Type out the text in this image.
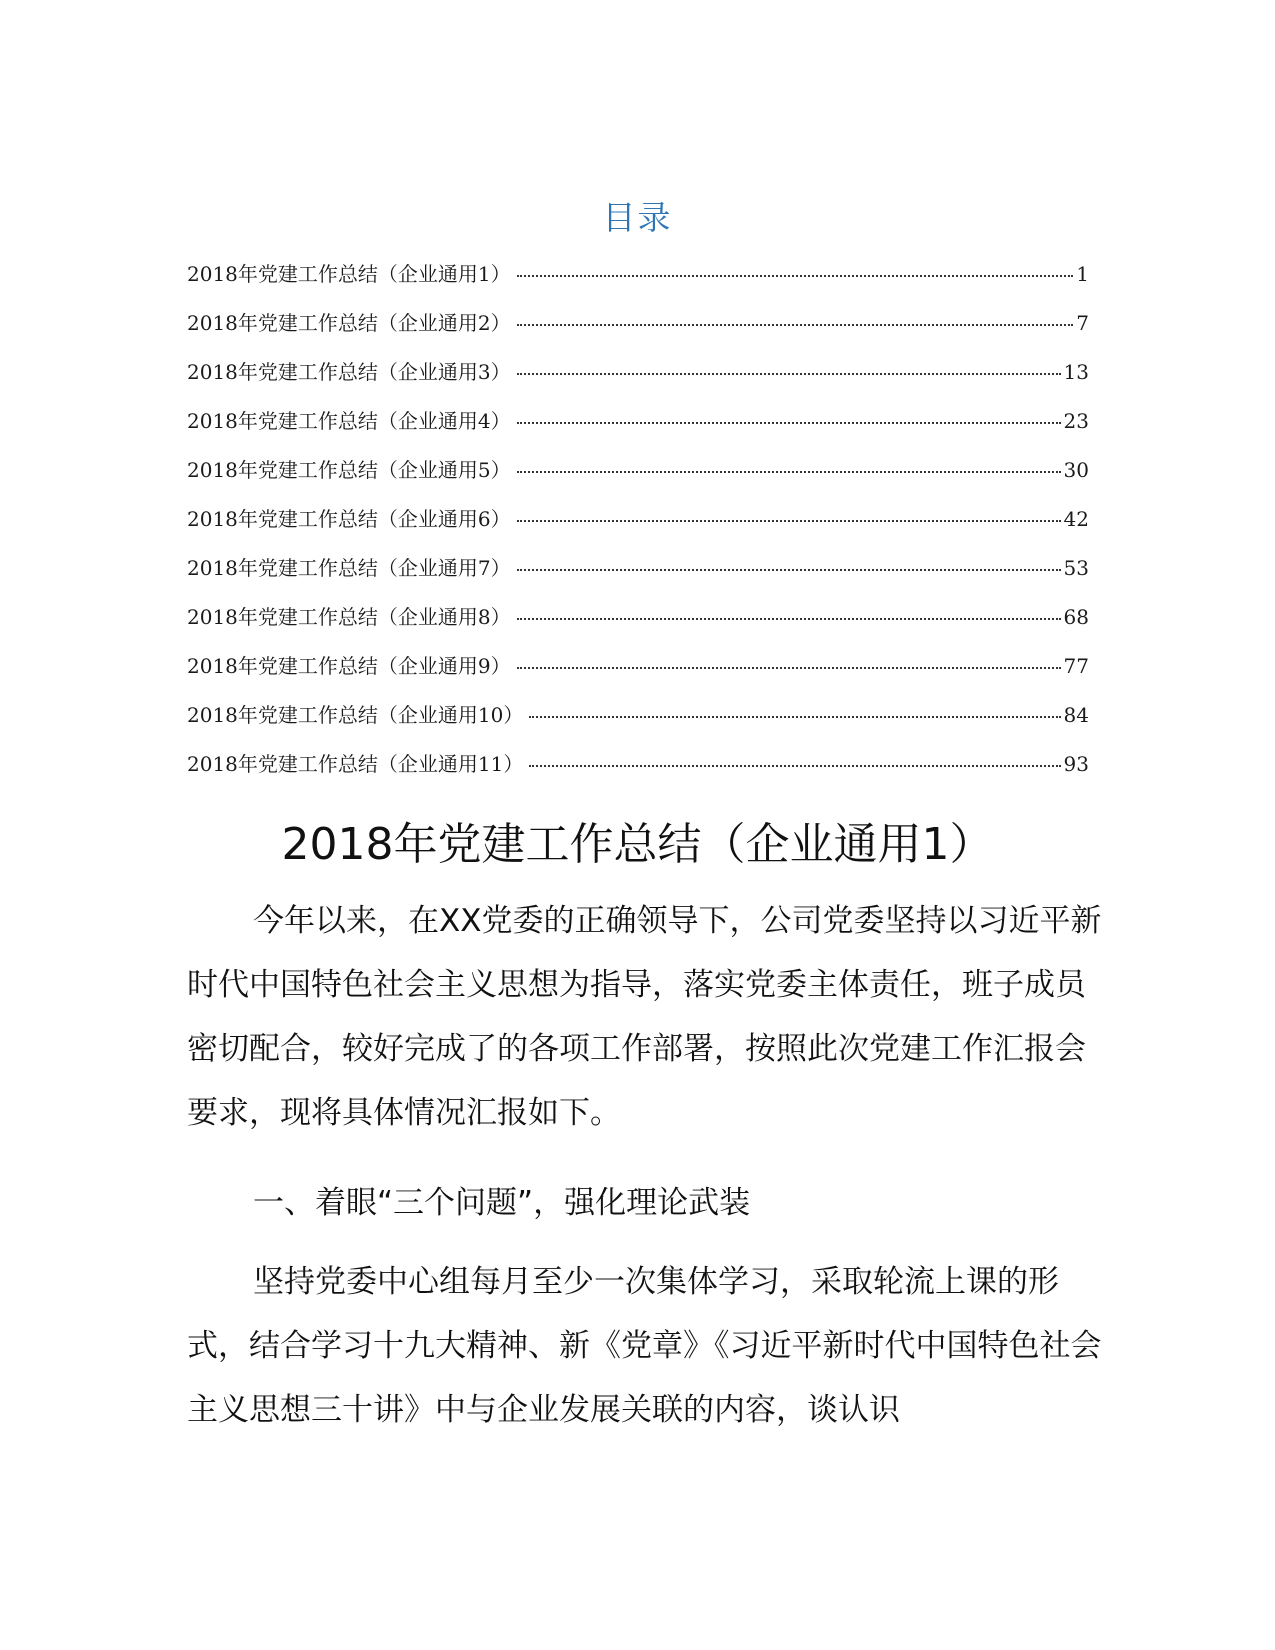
目录
2018年党建工作总结（企业通用1）	1
2018年党建工作总结（企业通用2）	7
2018年党建工作总结（企业通用3）	13
2018年党建工作总结（企业通用4）	23
2018年党建工作总结（企业通用5）	30
2018年党建工作总结（企业通用6）	42
2018年党建工作总结（企业通用7）	53
2018年党建工作总结（企业通用8）	68
2018年党建工作总结（企业通用9）	77
2018年党建工作总结（企业通用10）	84
2018年党建工作总结（企业通用11）	93
2018年党建工作总结（企业通用1）

今年以来，在XX党委的正确领导下，公司党委坚持以习近平新时代中国特色社会主义思想为指导，落实党委主体责任，班子成员密切配合，较好完成了的各项工作部署，按照此次党建工作汇报会要求，现将具体情况汇报如下。

一、着眼“三个问题”，强化理论武装

坚持党委中心组每月至少一次集体学习，采取轮流上课的形式，结合学习十九大精神、新《党章》《习近平新时代中国特色社会主义思想三十讲》中与企业发展关联的内容，谈认识
